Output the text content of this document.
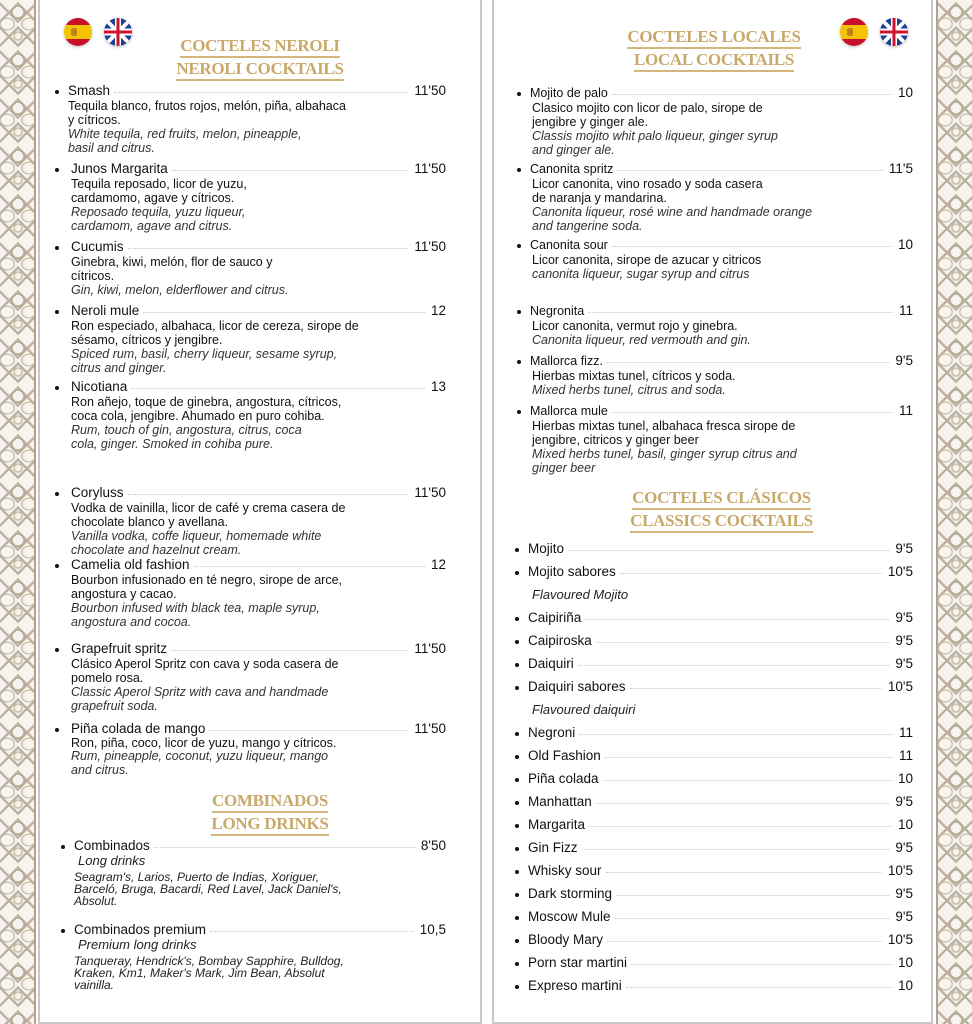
COCTELES NEROLI
NEROLI COCKTAILS
Smash	11'50
Tequila blanco, frutos rojos, melón, piña, albahaca y cítricos.
White tequila, red fruits, melon, pineapple, basil and citrus.
Junos Margarita	11'50
Tequila reposado, licor de yuzu, cardamomo, agave y cítricos.
Reposado tequila, yuzu liqueur, cardamom, agave and citrus.
Cucumis	11'50
Ginebra, kiwi, melón, flor de sauco y cítricos.
Gin, kiwi, melon, elderflower and citrus.
Neroli mule	12
Ron especiado, albahaca, licor de cereza, sirope de sésamo, cítricos y jengibre.
Spiced rum, basil, cherry liqueur, sesame syrup, citrus and ginger.
Nicotiana	13
Ron añejo, toque de ginebra, angostura, cítricos, coca cola, jengibre. Ahumado en puro cohiba.
Rum, touch of gin, angostura, citrus, coca cola, ginger. Smoked in cohiba pure.
Coryluss	11'50
Vodka de vainilla, licor de café y crema casera de chocolate blanco y avellana.
Vanilla vodka, coffe liqueur, homemade white chocolate and hazelnut cream.
Camelia old fashion	12
Bourbon infusionado en té negro, sirope de arce, angostura y cacao.
Bourbon infused with black tea, maple syrup, angostura and cocoa.
Grapefruit spritz	11'50
Clásico Aperol Spritz con cava y soda casera de pomelo rosa.
Classic Aperol Spritz with cava and handmade grapefruit soda.
Piña colada de mango	11'50
Ron, piña, coco, licor de yuzu, mango y cítricos.
Rum, pineapple, coconut, yuzu liqueur, mango and citrus.
COMBINADOS
LONG DRINKS
Combinados	8'50
Long drinks
Seagram's, Larios, Puerto de Indias, Xoriguer, Barceló, Bruga, Bacardi, Red Lavel, Jack Daniel's, Absolut.
Combinados premium	10,5
Premium long drinks
Tanqueray, Hendrick's, Bombay Sapphire, Bulldog, Kraken, Km1, Maker's Mark, Jim Bean, Absolut vainilla.
COCTELES LOCALES
LOCAL COCKTAILS
Mojito de palo	10
Clasico mojito con licor de palo, sirope de jengibre y ginger ale.
Classis mojito whit palo liqueur, ginger syrup and ginger ale.
Canonita spritz	11'5
Licor canonita, vino rosado y soda casera de naranja y mandarina.
Canonita liqueur, rosé wine and handmade orange and tangerine soda.
Canonita sour	10
Licor canonita, sirope de azucar y citricos
canonita liqueur, sugar syrup and citrus
Negronita	11
Licor canonita, vermut rojo y ginebra.
Canonita liqueur, red vermouth and gin.
Mallorca fizz.	9'5
Hierbas mixtas tunel, cítricos y soda.
Mixed herbs tunel, citrus and soda.
Mallorca mule	11
Hierbas mixtas tunel, albahaca fresca sirope de jengibre, citricos y ginger beer
Mixed herbs tunel, basil, ginger syrup citrus and ginger beer
COCTELES CLÁSICOS
CLASSICS COCKTAILS
Mojito	9'5
Mojito sabores	10'5
Flavoured Mojito
Caipiriña	9'5
Caipiroska	9'5
Daiquiri	9'5
Daiquiri sabores	10'5
Flavoured daiquiri
Negroni	11
Old Fashion	11
Piña colada	10
Manhattan	9'5
Margarita	10
Gin Fizz	9'5
Whisky sour	10'5
Dark storming	9'5
Moscow Mule	9'5
Bloody Mary	10'5
Porn star martini	10
Expreso martini	10
